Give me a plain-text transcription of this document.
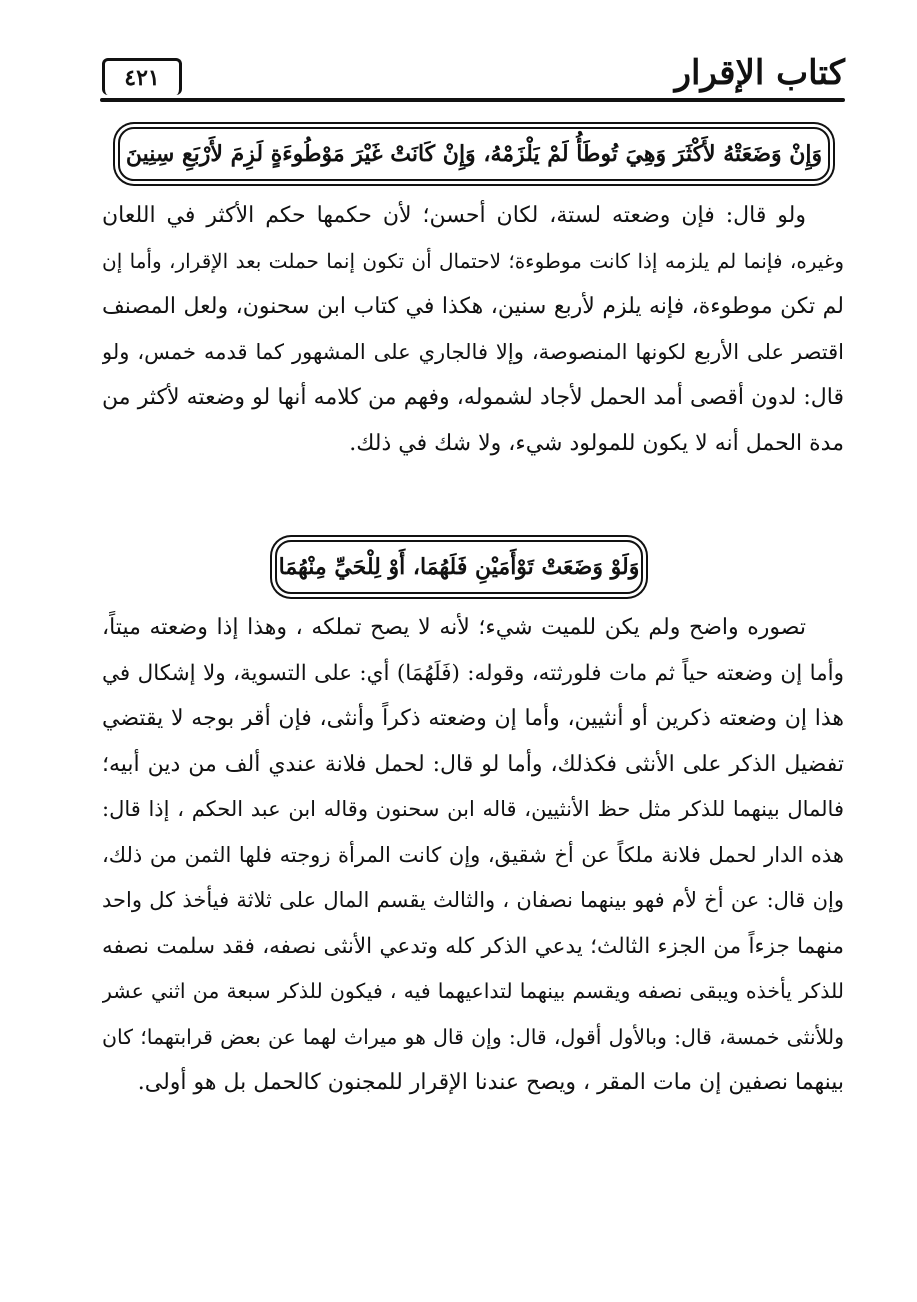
كتاب الإقرار
٤٢١
وَإِنْ وَضَعَتْهُ لأَكْثَرَ وَهِيَ تُوطَأُ لَمْ يَلْزَمْهُ، وَإِنْ كَانَتْ غَيْرَ مَوْطُوءَةٍ لَزِمَ لأَرْبَعِ سِنِينَ
ولو قال: فإن وضعته لستة، لكان أحسن؛ لأن حكمها حكم الأكثر في اللعان
وغيره، فإنما لم يلزمه إذا كانت موطوءة؛ لاحتمال أن تكون إنما حملت بعد الإقرار، وأما إن
لم تكن موطوءة، فإنه يلزم لأربع سنين، هكذا في كتاب ابن سحنون، ولعل المصنف
اقتصر على الأربع لكونها المنصوصة، وإلا فالجاري على المشهور كما قدمه خمس، ولو
قال: لدون أقصى أمد الحمل لأجاد لشموله، وفهم من كلامه أنها لو وضعته لأكثر من
مدة الحمل أنه لا يكون للمولود شيء، ولا شك في ذلك.
وَلَوْ وَضَعَتْ تَوْأَمَيْنِ فَلَهُمَا، أَوْ لِلْحَيِّ مِنْهُمَا
تصوره واضح ولم يكن للميت شيء؛ لأنه لا يصح تملكه ، وهذا إذا وضعته ميتاً،
وأما إن وضعته حياً ثم مات فلورثته، وقوله: (فَلَهُمَا) أي: على التسوية، ولا إشكال في
هذا إن وضعته ذكرين أو أنثيين، وأما إن وضعته ذكراً وأنثى، فإن أقر بوجه لا يقتضي
تفضيل الذكر على الأنثى فكذلك، وأما لو قال: لحمل فلانة عندي ألف من دين أبيه؛
فالمال بينهما للذكر مثل حظ الأنثيين، قاله ابن سحنون وقاله ابن عبد الحكم ، إذا قال:
هذه الدار لحمل فلانة ملكاً عن أخ شقيق، وإن كانت المرأة زوجته فلها الثمن من ذلك،
وإن قال: عن أخ لأم فهو بينهما نصفان ، والثالث يقسم المال على ثلاثة فيأخذ كل واحد
منهما جزءاً من الجزء الثالث؛ يدعي الذكر كله وتدعي الأنثى نصفه، فقد سلمت نصفه
للذكر يأخذه ويبقى نصفه ويقسم بينهما لتداعيهما فيه ، فيكون للذكر سبعة من اثني عشر
وللأنثى خمسة، قال: وبالأول أقول، قال: وإن قال هو ميراث لهما عن بعض قرابتهما؛ كان
بينهما نصفين إن مات المقر ، ويصح عندنا الإقرار للمجنون كالحمل بل هو أولى.
